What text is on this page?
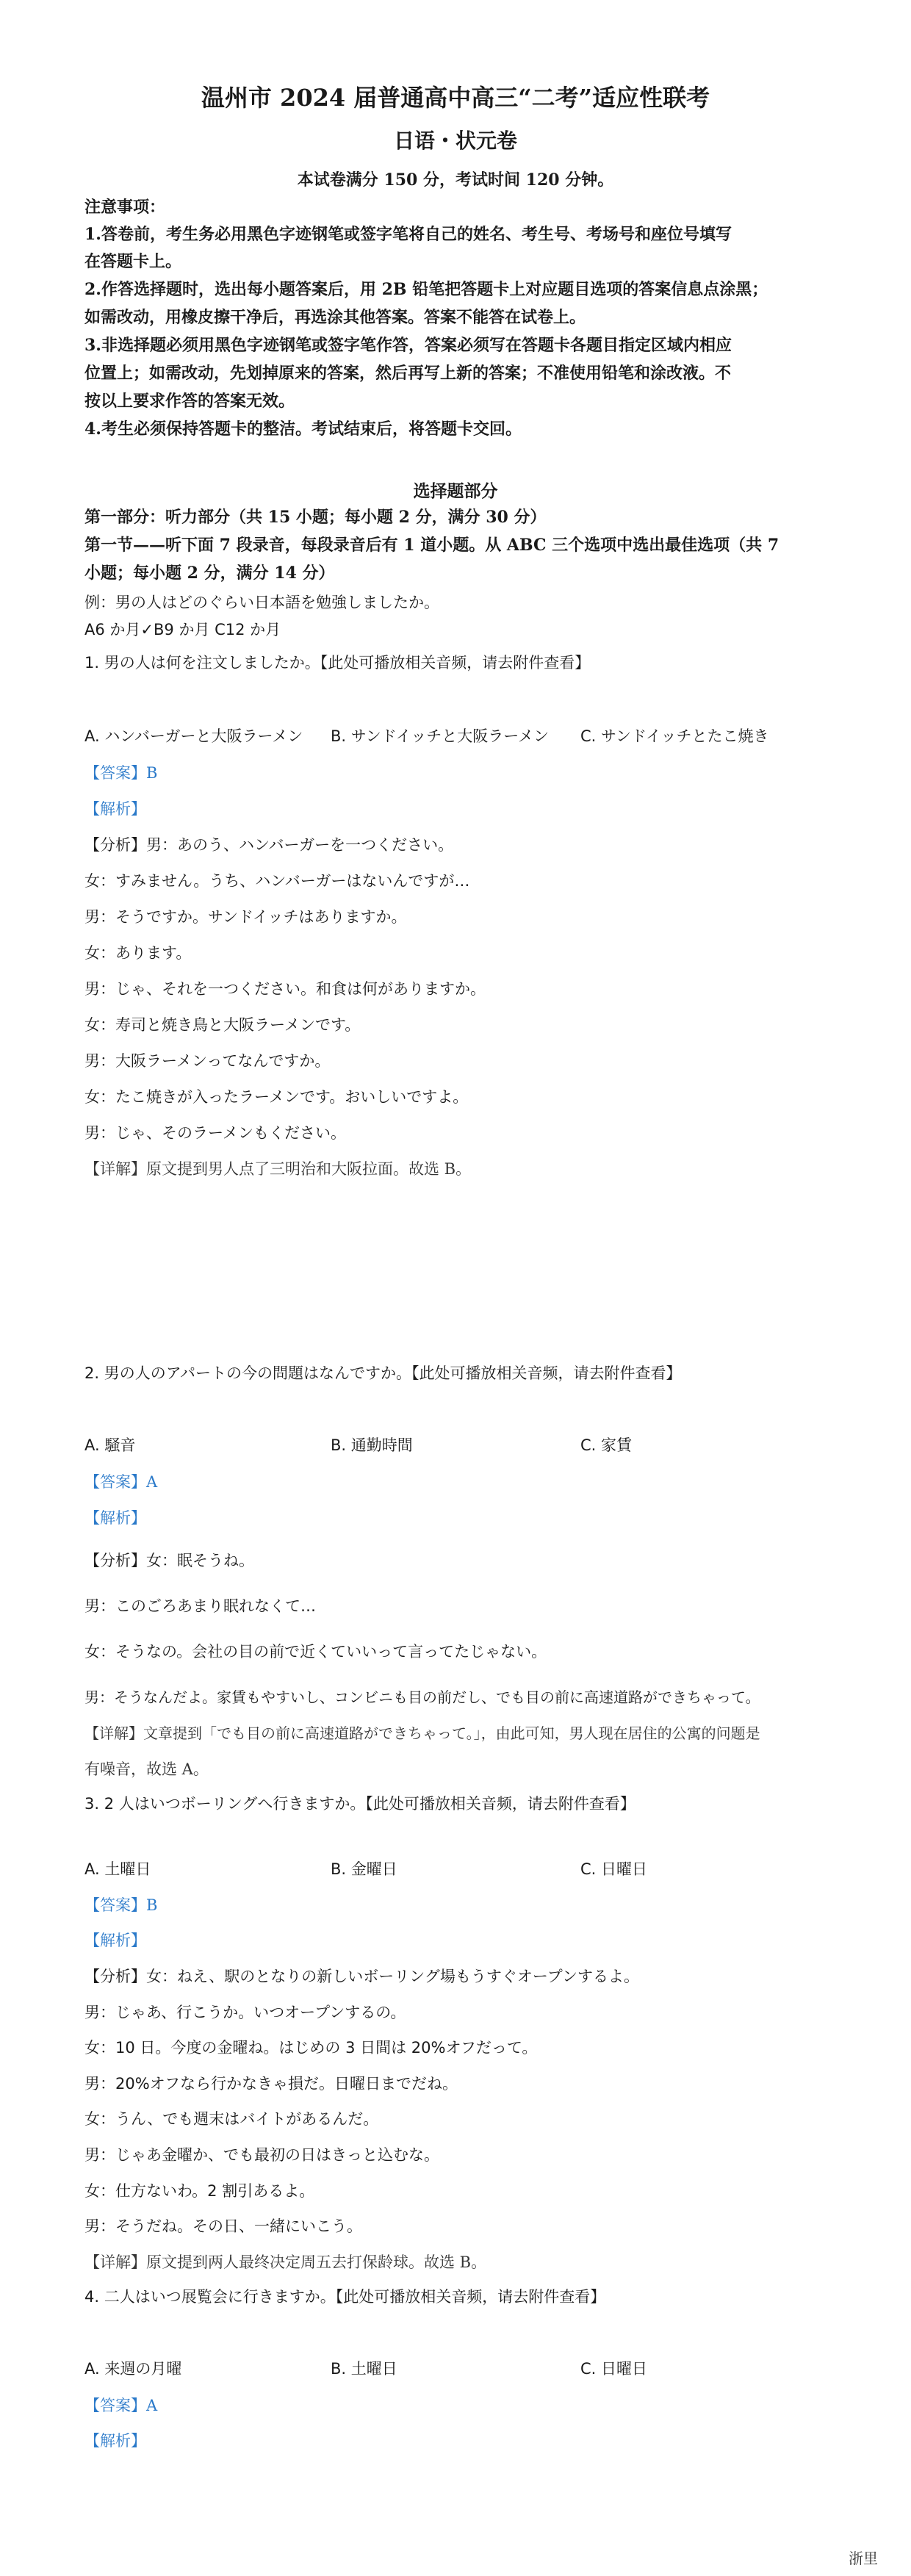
温州市 2024 届普通高中高三“二考”适应性联考
日语・状元卷
本试卷满分 150 分，考试时间 120 分钟。
注意事项：
1.答卷前，考生务必用黑色字迹钢笔或签字笔将自己的姓名、考生号、考场号和座位号填写
在答题卡上。
2.作答选择题时，选出每小题答案后，用 2B 铅笔把答题卡上对应题目选项的答案信息点涂黑；
如需改动，用橡皮擦干净后，再选涂其他答案。答案不能答在试卷上。
3.非选择题必须用黑色字迹钢笔或签字笔作答，答案必须写在答题卡各题目指定区域内相应
位置上；如需改动，先划掉原来的答案，然后再写上新的答案；不准使用铅笔和涂改液。不
按以上要求作答的答案无效。
4.考生必须保持答题卡的整洁。考试结束后，将答题卡交回。
选择题部分
第一部分：听力部分（共 15 小题；每小题 2 分，满分 30 分）
第一节——听下面 7 段录音，每段录音后有 1 道小题。从 ABC 三个选项中选出最佳选项（共 7
小题；每小题 2 分，满分 14 分）
例：男の人はどのぐらい日本語を勉強しましたか。
A6 か月✓B9 か月 C12 か月
1. 男の人は何を注文しましたか。【此处可播放相关音频，请去附件查看】
A. ハンバーガーと大阪ラーメン B. サンドイッチと大阪ラーメン C. サンドイッチとたこ焼き
【答案】B
【解析】
【分析】男：あのう、ハンバーガーを一つください。
女：すみません。うち、ハンバーガーはないんですが…
男：そうですか。サンドイッチはありますか。
女：あります。
男：じゃ、それを一つください。和食は何がありますか。
女：寿司と焼き鳥と大阪ラーメンです。
男：大阪ラーメンってなんですか。
女：たこ焼きが入ったラーメンです。おいしいですよ。
男：じゃ、そのラーメンもください。
【详解】原文提到男人点了三明治和大阪拉面。故选 B。
2. 男の人のアパートの今の問題はなんですか。【此处可播放相关音频，请去附件查看】
A. 騒音	B. 通勤時間	C. 家賃
【答案】A
【解析】
【分析】女：眠そうね。
男：このごろあまり眠れなくて…
女：そうなの。会社の目の前で近くていいって言ってたじゃない。
男：そうなんだよ。家賃もやすいし、コンビニも目の前だし、でも目の前に高速道路ができちゃって。
【详解】文章提到「でも目の前に高速道路ができちゃって。」，由此可知，男人现在居住的公寓的问题是
有噪音，故选 A。
3. 2 人はいつボーリングへ行きますか。【此处可播放相关音频，请去附件查看】
A. 土曜日	B. 金曜日	C. 日曜日
【答案】B
【解析】
【分析】女：ねえ、駅のとなりの新しいボーリング場もうすぐオープンするよ。
男：じゃあ、行こうか。いつオープンするの。
女：10 日。今度の金曜ね。はじめの 3 日間は 20%オフだって。
男：20%オフなら行かなきゃ損だ。日曜日までだね。
女：うん、でも週末はバイトがあるんだ。
男：じゃあ金曜か、でも最初の日はきっと込むな。
女：仕方ないわ。2 割引あるよ。
男：そうだね。その日、一緒にいこう。
【详解】原文提到两人最终决定周五去打保龄球。故选 B。
4. 二人はいつ展覧会に行きますか。【此处可播放相关音频，请去附件查看】
A. 来週の月曜	B. 土曜日	C. 日曜日
【答案】A
【解析】
浙里
